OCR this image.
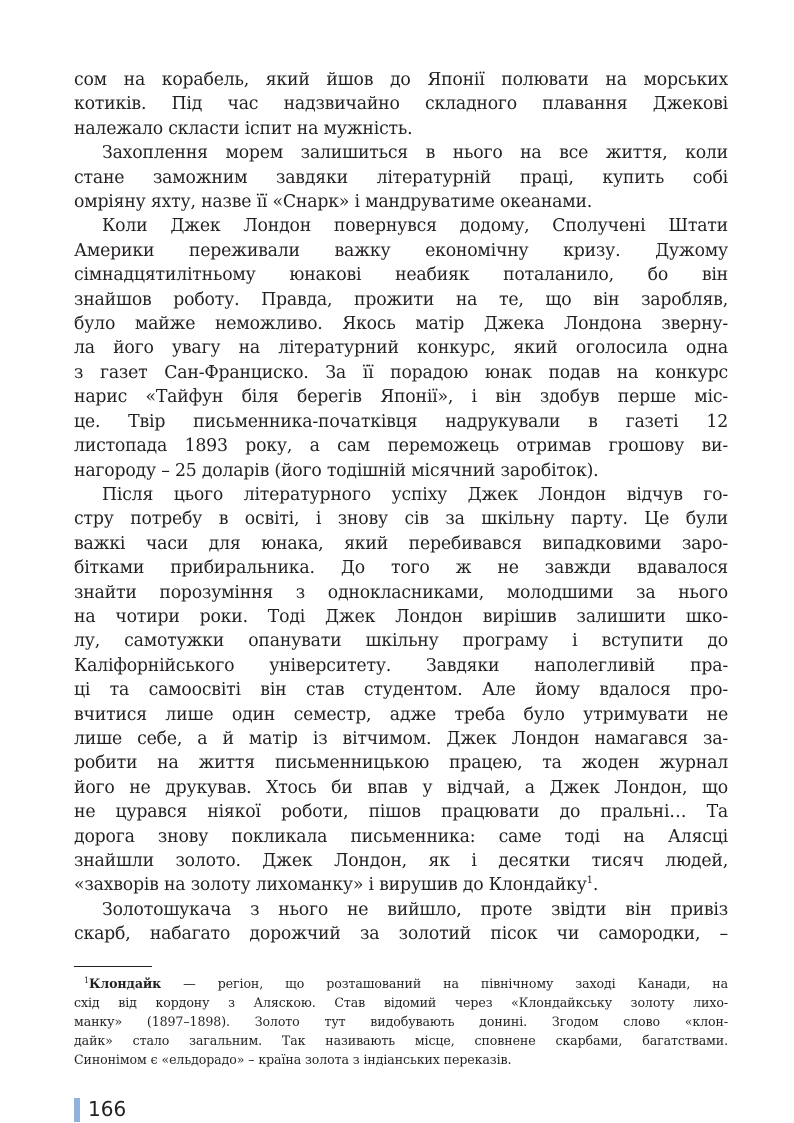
сом на корабель, який йшов до Японії полювати на морських
котиків. Під час надзвичайно складного плавання Джекові
належало скласти іспит на мужність.
Захоплення морем залишиться в нього на все життя, коли
стане заможним завдяки літературній праці, купить собі
омріяну яхту, назве її «Снарк» і мандруватиме океанами.
Коли Джек Лондон повернувся додому, Сполучені Штати
Америки переживали важку економічну кризу. Дужому
сімнадцятилітньому юнакові неабияк поталанило, бо він
знайшов роботу. Правда, прожити на те, що він заробляв,
було майже неможливо. Якось матір Джека Лондона зверну-
ла його увагу на літературний конкурс, який оголосила одна
з газет Сан-Франциско. За її порадою юнак подав на конкурс
нарис «Тайфун біля берегів Японії», і він здобув перше міс-
це. Твір письменника-початківця надрукували в газеті 12
листопада 1893 року, а сам переможець отримав грошову ви-
нагороду – 25 доларів (його тодішній місячний заробіток).
Після цього літературного успіху Джек Лондон відчув го-
стру потребу в освіті, і знову сів за шкільну парту. Це були
важкі часи для юнака, який перебивався випадковими заро-
бітками прибиральника. До того ж не завжди вдавалося
знайти порозуміння з однокласниками, молодшими за нього
на чотири роки. Тоді Джек Лондон вирішив залишити шко-
лу, самотужки опанувати шкільну програму і вступити до
Каліфорнійського університету. Завдяки наполегливій пра-
ці та самоосвіті він став студентом. Але йому вдалося про-
вчитися лише один семестр, адже треба було утримувати не
лише себе, а й матір із вітчимом. Джек Лондон намагався за-
робити на життя письменницькою працею, та жоден журнал
його не друкував. Хтось би впав у відчай, а Джек Лондон, що
не цурався ніякої роботи, пішов працювати до пральні… Та
дорога знову покликала письменника: саме тоді на Алясці
знайшли золото. Джек Лондон, як і десятки тисяч людей,
«захворів на золоту лихоманку» і вирушив до Клондайку$^1$.
Золотошукача з нього не вийшло, проте звідти він привіз
скарб, набагато дорожчий за золотий пісок чи самородки, –
$^1$Клондайк — регіон, що розташований на північному заході Канади, на
схід від кордону з Аляскою. Став відомий через «Клондайкську золоту лихо-
манку» (1897–1898). Золото тут видобувають донині. Згодом слово «клон-
дайк» стало загальним. Так називають місце, сповнене скарбами, багатствами.
Синонімом є «ельдорадо» – країна золота з індіанських переказів.
166
